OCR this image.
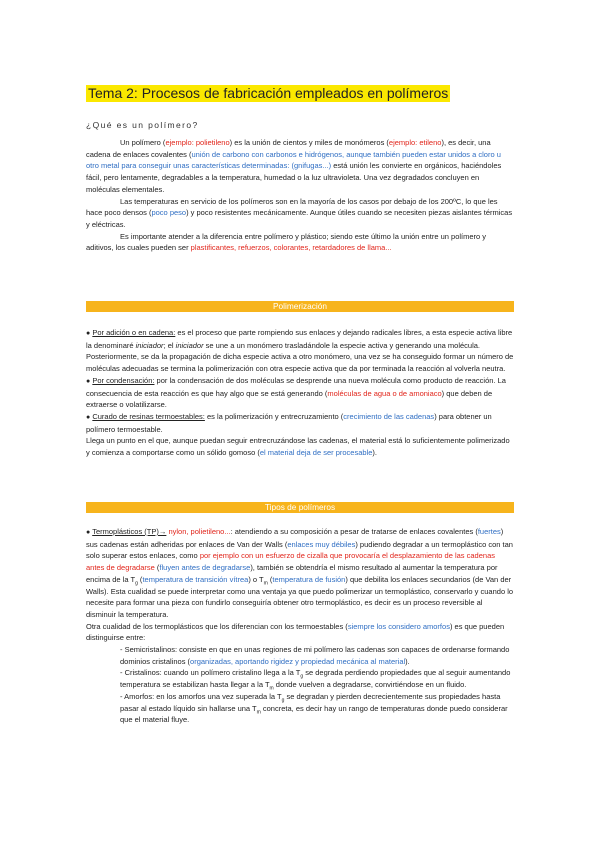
Tema 2: Procesos de fabricación empleados en polímeros
¿Qué es un polímero?

Un polímero (ejemplo: polietileno) es la unión de cientos y miles de monómeros (ejemplo: etileno), es decir, una cadena de enlaces covalentes (unión de carbono con carbonos e hidrógenos, aunque también pueden estar unidos a cloro u otro metal para conseguir unas características determinadas: (gnifugas...) está unión les convierte en orgánicos, haciéndoles fácil, pero lentamente, degradables a la temperatura, humedad o la luz ultravioleta. Una vez degradados concluyen en moléculas elementales.

Las temperaturas en servicio de los polímeros son en la mayoría de los casos por debajo de los 200ºC, lo que les hace poco densos (poco peso) y poco resistentes mecánicamente. Aunque útiles cuando se necesiten piezas aislantes térmicas y eléctricas.

Es importante atender a la diferencia entre polímero y plástico; siendo este último la unión entre un polímero y aditivos, los cuales pueden ser plastificantes, refuerzos, colorantes, retardadores de llama...

Polimerización

● Por adición o en cadena: es el proceso que parte rompiendo sus enlaces y dejando radicales libres, a esta especie activa libre la denominaré iniciador; el iniciador se une a un monómero trasladándole la especie activa y generando una molécula. Posteriormente, se da la propagación de dicha especie activa a otro monómero, una vez se ha conseguido formar un número de moléculas adecuadas se termina la polimerización con otra especie activa que da por terminada la reacción al volverla neutra.

● Por condensación: por la condensación de dos moléculas se desprende una nueva molécula como producto de reacción. La consecuencia de esta reacción es que hay algo que se está generando (moléculas de agua o de amoniaco) que deben de extraerse o volatilizarse.

● Curado de resinas termoestables: es la polimerización y entrecruzamiento (crecimiento de las cadenas) para obtener un polímero termoestable.

Llega un punto en el que, aunque puedan seguir entrecruzándose las cadenas, el material está lo suficientemente polimerizado y comienza a comportarse como un sólido gomoso (el material deja de ser procesable).

Tipos de polímeros

● Termoplásticos (TP)→ nylon, polietileno...: atendiendo a su composición a pesar de tratarse de enlaces covalentes (fuertes) sus cadenas están adheridas por enlaces de Van der Walls (enlaces muy débiles) pudiendo degradar a un termoplástico con tan solo superar estos enlaces, como por ejemplo con un esfuerzo de cizalla que provocaría el desplazamiento de las cadenas antes de degradarse (fluyen antes de degradarse), también se obtendría el mismo resultado al aumentar la temperatura por encima de la $T_g$ (temperatura de transición vítrea) o $T_m$ (temperatura de fusión) que debilita los enlaces secundarios (de Van der Walls). Esta cualidad se puede interpretar como una ventaja ya que puedo polimerizar un termoplástico, conservarlo y cuando lo necesite para formar una pieza con fundirlo conseguiría obtener otro termoplástico, es decir es un proceso reversible al disminuir la temperatura.

Otra cualidad de los termoplásticos que los diferencian con los termoestables (siempre los considero amorfos) es que pueden distinguirse entre:

- Semicristalinos: consiste en que en unas regiones de mi polímero las cadenas son capaces de ordenarse formando dominios cristalinos (organizadas, aportando rigidez y propiedad mecánica al material).

- Cristalinos: cuando un polímero cristalino llega a la $T_g$ se degrada perdiendo propiedades que al seguir aumentando temperatura se estabilizan hasta llegar a la $T_m$ donde vuelven a degradarse, convirtiéndose en un fluido.

- Amorfos: en los amorfos una vez superada la $T_g$ se degradan y pierden decrecientemente sus propiedades hasta pasar al estado líquido sin hallarse una $T_m$ concreta, es decir hay un rango de temperaturas donde puedo considerar que el material fluye.
